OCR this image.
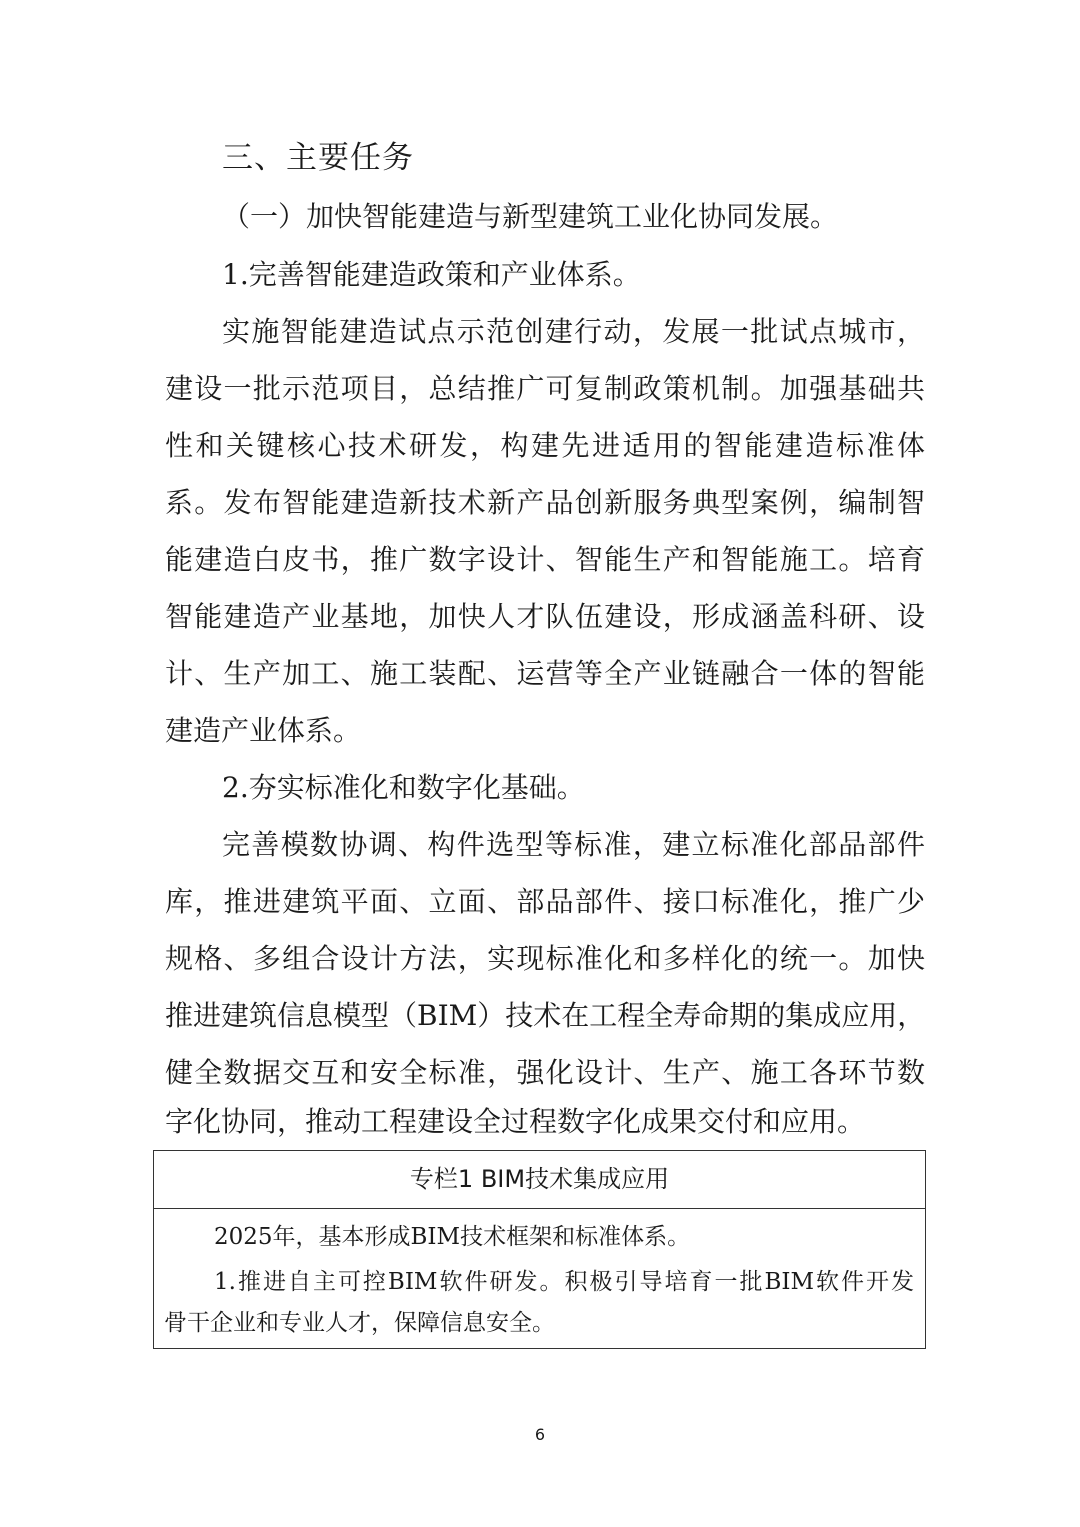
三、主要任务
（一）加快智能建造与新型建筑工业化协同发展。
1.完善智能建造政策和产业体系。
实施智能建造试点示范创建行动，发展一批试点城市，
建设一批示范项目，总结推广可复制政策机制。加强基础共
性和关键核心技术研发，构建先进适用的智能建造标准体
系。发布智能建造新技术新产品创新服务典型案例，编制智
能建造白皮书，推广数字设计、智能生产和智能施工。培育
智能建造产业基地，加快人才队伍建设，形成涵盖科研、设
计、生产加工、施工装配、运营等全产业链融合一体的智能
建造产业体系。
2.夯实标准化和数字化基础。
完善模数协调、构件选型等标准，建立标准化部品部件
库，推进建筑平面、立面、部品部件、接口标准化，推广少
规格、多组合设计方法，实现标准化和多样化的统一。加快
推进建筑信息模型（BIM）技术在工程全寿命期的集成应用，
健全数据交互和安全标准，强化设计、生产、施工各环节数
字化协同，推动工程建设全过程数字化成果交付和应用。
专栏1 BIM技术集成应用
2025年，基本形成BIM技术框架和标准体系。
1.推进自主可控BIM软件研发。积极引导培育一批BIM软件开发
骨干企业和专业人才，保障信息安全。
6
